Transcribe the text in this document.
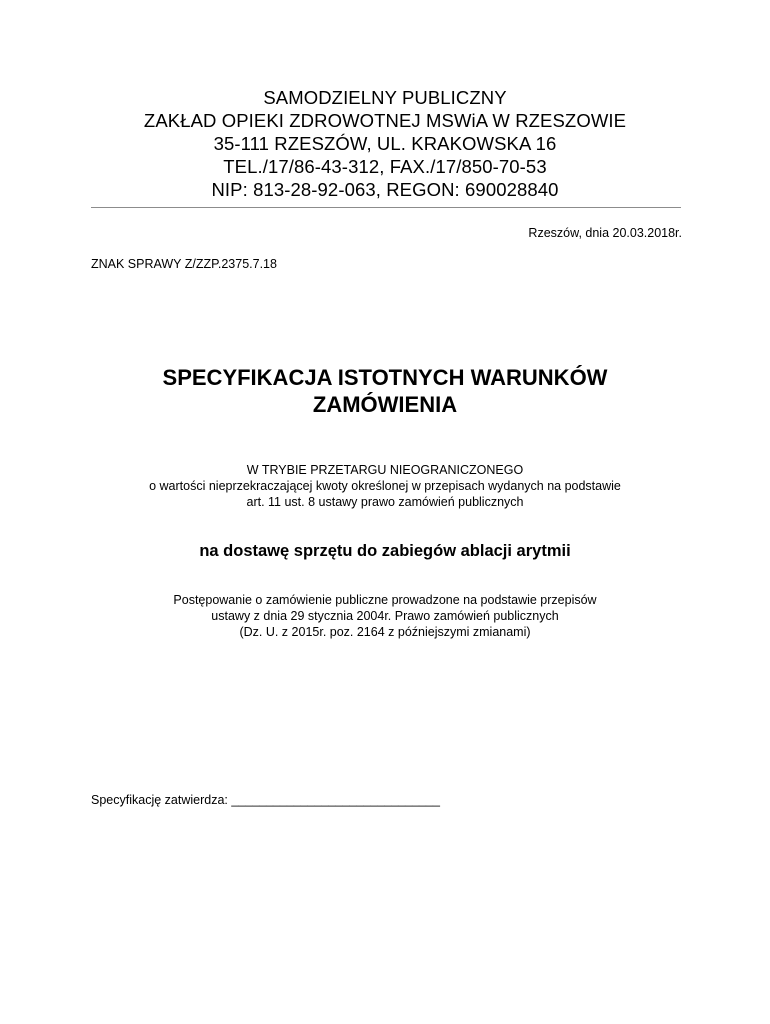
SAMODZIELNY PUBLICZNY
ZAKŁAD OPIEKI ZDROWOTNEJ MSWiA W RZESZOWIE
35-111 RZESZÓW, UL. KRAKOWSKA 16
TEL./17/86-43-312, FAX./17/850-70-53
NIP: 813-28-92-063, REGON: 690028840
Rzeszów, dnia 20.03.2018r.
ZNAK SPRAWY Z/ZZP.2375.7.18
SPECYFIKACJA ISTOTNYCH WARUNKÓW
ZAMÓWIENIA
W TRYBIE PRZETARGU NIEOGRANICZONEGO
o wartości nieprzekraczającej kwoty określonej w przepisach wydanych na podstawie
art. 11 ust. 8 ustawy prawo zamówień publicznych
na dostawę sprzętu do zabiegów ablacji arytmii
Postępowanie o zamówienie publiczne prowadzone na podstawie przepisów
ustawy z dnia 29 stycznia 2004r. Prawo zamówień publicznych
(Dz. U. z 2015r. poz. 2164 z późniejszymi zmianami)
Specyfikację zatwierdza: ______________________________
